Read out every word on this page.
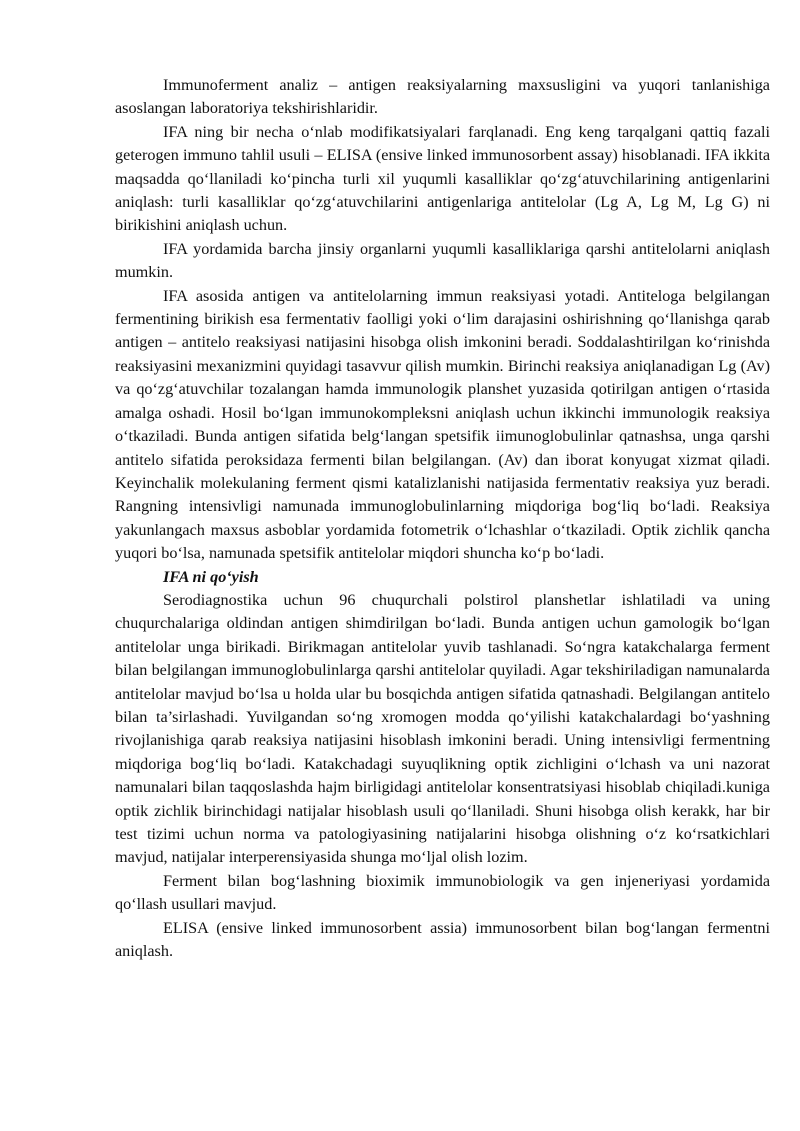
Immunoferment analiz – antigen reaksiyalarning maxsusligini va yuqori tanlanishiga asoslangan laboratoriya tekshirishlaridir.

IFA ning bir necha o‘nlab modifikatsiyalari farqlanadi. Eng keng tarqalgani qattiq fazali geterogen immuno tahlil usuli – ELISA (ensive linked immunosorbent assay) hisoblanadi. IFA ikkita maqsadda qo‘llaniladi ko‘pincha turli xil yuqumli kasalliklar qo‘zg‘atuvchilarining antigenlarini aniqlash: turli kasalliklar qo‘zg‘atuvchilarini antigenlariga antitelolar (Lg A, Lg M, Lg G) ni birikishini aniqlash uchun.

IFA yordamida barcha jinsiy organlarni yuqumli kasalliklariga qarshi antitelolarni aniqlash mumkin.

IFA asosida antigen va antitelolarning immun reaksiyasi yotadi. Antiteloga belgilangan fermentining birikish esa fermentativ faolligi yoki o‘lim darajasini oshirishning qo‘llanishga qarab antigen – antitelo reaksiyasi natijasini hisobga olish imkonini beradi. Soddalashtirilgan ko‘rinishda reaksiyasini mexanizmini quyidagi tasavvur qilish mumkin. Birinchi reaksiya aniqlanadigan Lg (Av) va qo‘zg‘atuvchilar tozalangan hamda immunologik planshet yuzasida qotirilgan antigen o‘rtasida amalga oshadi. Hosil bo‘lgan immunokompleksni aniqlash uchun ikkinchi immunologik reaksiya o‘tkaziladi. Bunda antigen sifatida belg‘langan spetsifik iimunoglobulinlar qatnashsa, unga qarshi antitelo sifatida peroksidaza fermenti bilan belgilangan. (Av) dan iborat konyugat xizmat qiladi. Keyinchalik molekulaning ferment qismi katalizlanishi natijasida fermentativ reaksiya yuz beradi. Rangning intensivligi namunada immunoglobulinlarning miqdoriga bog‘liq bo‘ladi. Reaksiya yakunlangach maxsus asboblar yordamida fotometrik o‘lchashlar o‘tkaziladi. Optik zichlik qancha yuqori bo‘lsa, namunada spetsifik antitelolar miqdori shuncha ko‘p bo‘ladi.

IFA ni qo‘yish

Serodiagnostika uchun 96 chuqurchali polstirol planshetlar ishlatiladi va uning chuqurchalariga oldindan antigen shimdirilgan bo‘ladi. Bunda antigen uchun gamologik bo‘lgan antitelolar unga birikadi. Birikmagan antitelolar yuvib tashlanadi. So‘ngra katakchalarga ferment bilan belgilangan immunoglobulinlarga qarshi antitelolar quyiladi. Agar tekshiriladigan namunalarda antitelolar mavjud bo‘lsa u holda ular bu bosqichda antigen sifatida qatnashadi. Belgilangan antitelo bilan ta’sirlashadi. Yuvilgandan so‘ng xromogen modda qo‘yilishi katakchalardagi bo‘yashning rivojlanishiga qarab reaksiya natijasini hisoblash imkonini beradi. Uning intensivligi fermentning miqdoriga bog‘liq bo‘ladi. Katakchadagi suyuqlikning optik zichligini o‘lchash va uni nazorat namunalari bilan taqqoslashda hajm birligidagi antitelolar konsentratsiyasi hisoblab chiqiladi.kuniga optik zichlik birinchidagi natijalar hisoblash usuli qo‘llaniladi. Shuni hisobga olish kerakk, har bir test tizimi uchun norma va patologiyasining natijalarini hisobga olishning o‘z ko‘rsatkichlari mavjud, natijalar interperensiyasida shunga mo‘ljal olish lozim.

Ferment bilan bog‘lashning bioximik immunobiologik va gen injeneriyasi yordamida qo‘llash usullari mavjud.

ELISA (ensive linked immunosorbent assia) immunosorbent bilan bog‘langan fermentni aniqlash.
